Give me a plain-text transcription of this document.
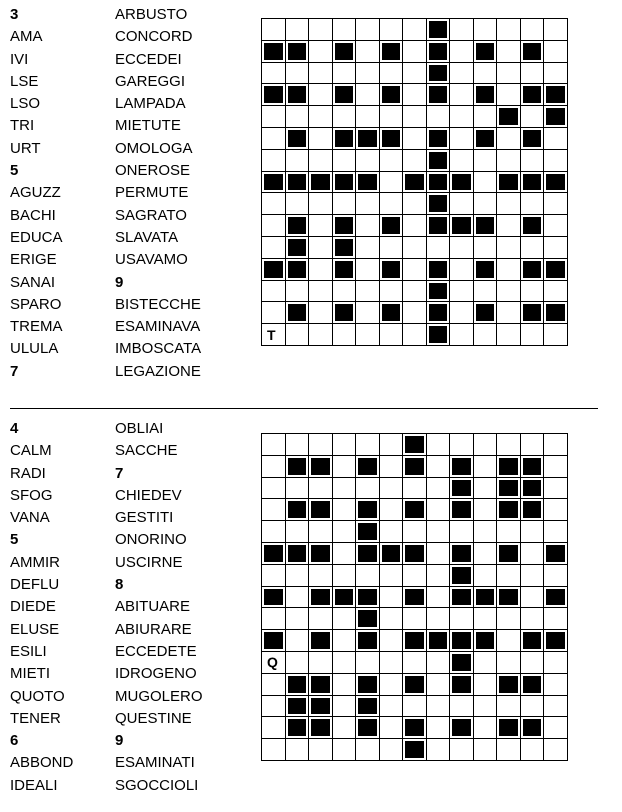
3
AMA
IVI
LSE
LSO
TRI
URT
5
AGUZZ
BACHI
EDUCA
ERIGE
SANAI
SPARO
TREMA
ULULA
7
ARBUSTO
CONCORD
ECCEDEI
GAREGGI
LAMPADA
MIETUTE
OMOLOGA
ONEROSE
PERMUTE
SAGRATO
SLAVATA
USAVAMO
9
BISTECCHE
ESAMINAVA
IMBOSCATA
LEGAZIONE

T												
4
CALM
RADI
SFOG
VANA
5
AMMIR
DEFLU
DIEDE
ELUSE
ESILI
MIETI
QUOTO
TENER
6
ABBOND
IDEALI
OBLIAI
SACCHE
7
CHIEDEV
GESTITI
ONORINO
USCIRNE
8
ABITUARE
ABIURARE
ECCEDETE
IDROGENO
MUGOLERO
QUESTINE
9
ESAMINATI
SGOCCIOLI

Q												
